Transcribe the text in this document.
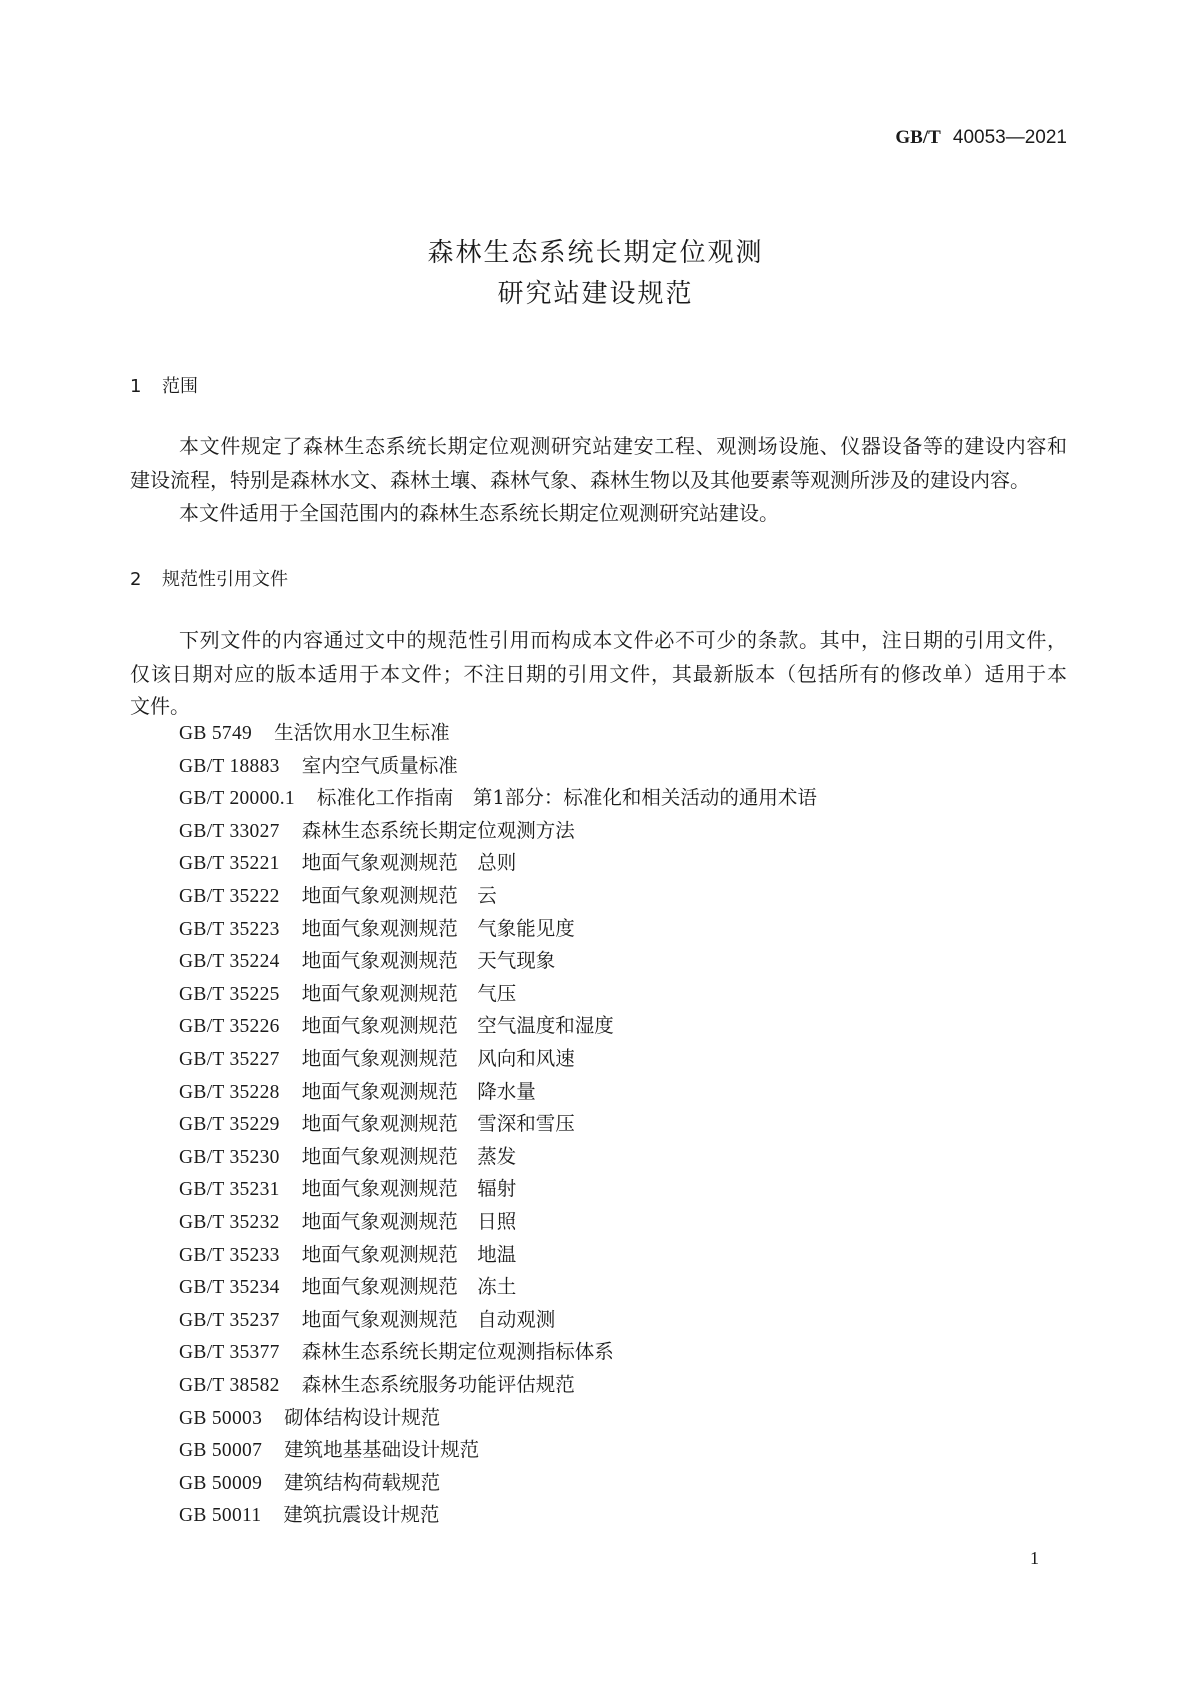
GB/T 40053—2021
森林生态系统长期定位观测
研究站建设规范
1 范围
本文件规定了森林生态系统长期定位观测研究站建安工程、观测场设施、仪器设备等的建设内容和
建设流程，特别是森林水文、森林土壤、森林气象、森林生物以及其他要素等观测所涉及的建设内容。
本文件适用于全国范围内的森林生态系统长期定位观测研究站建设。
2 规范性引用文件
下列文件的内容通过文中的规范性引用而构成本文件必不可少的条款。其中，注日期的引用文件，
仅该日期对应的版本适用于本文件；不注日期的引用文件，其最新版本（包括所有的修改单）适用于本
文件。
GB 5749 生活饮用水卫生标准
GB/T 18883 室内空气质量标准
GB/T 20000.1 标准化工作指南　第1部分：标准化和相关活动的通用术语
GB/T 33027 森林生态系统长期定位观测方法
GB/T 35221 地面气象观测规范　总则
GB/T 35222 地面气象观测规范　云
GB/T 35223 地面气象观测规范　气象能见度
GB/T 35224 地面气象观测规范　天气现象
GB/T 35225 地面气象观测规范　气压
GB/T 35226 地面气象观测规范　空气温度和湿度
GB/T 35227 地面气象观测规范　风向和风速
GB/T 35228 地面气象观测规范　降水量
GB/T 35229 地面气象观测规范　雪深和雪压
GB/T 35230 地面气象观测规范　蒸发
GB/T 35231 地面气象观测规范　辐射
GB/T 35232 地面气象观测规范　日照
GB/T 35233 地面气象观测规范　地温
GB/T 35234 地面气象观测规范　冻土
GB/T 35237 地面气象观测规范　自动观测
GB/T 35377 森林生态系统长期定位观测指标体系
GB/T 38582 森林生态系统服务功能评估规范
GB 50003 砌体结构设计规范
GB 50007 建筑地基基础设计规范
GB 50009 建筑结构荷载规范
GB 50011 建筑抗震设计规范
1
